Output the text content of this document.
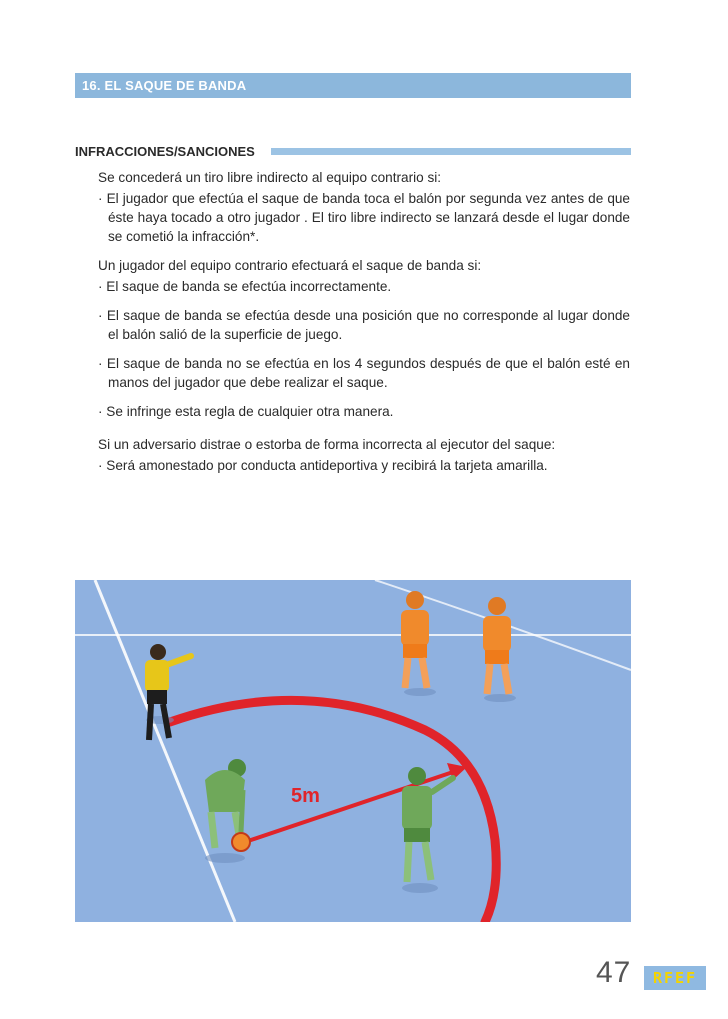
16. EL SAQUE DE BANDA
INFRACCIONES/SANCIONES

Se concederá un tiro libre indirecto al equipo contrario si:

· El jugador que efectúa el saque de banda toca el balón por segunda vez antes de que éste haya tocado a otro jugador . El tiro libre indirecto se lanzará desde el lugar donde se cometió la infracción*.

Un jugador del equipo contrario efectuará el saque de banda si:

· El saque de banda se efectúa incorrectamente.

· El saque de banda se efectúa desde una posición que no corresponde al lugar donde el balón salió de la superficie de juego.

· El saque de banda no se efectúa en los 4 segundos después de que el balón esté en manos del jugador que debe realizar el saque.

· Se infringe esta regla de cualquier otra manera.

Si un adversario distrae o estorba de forma incorrecta al ejecutor del saque:

· Será amonestado por conducta antideportiva y recibirá la tarjeta amarilla.

5m
47 RFEF
